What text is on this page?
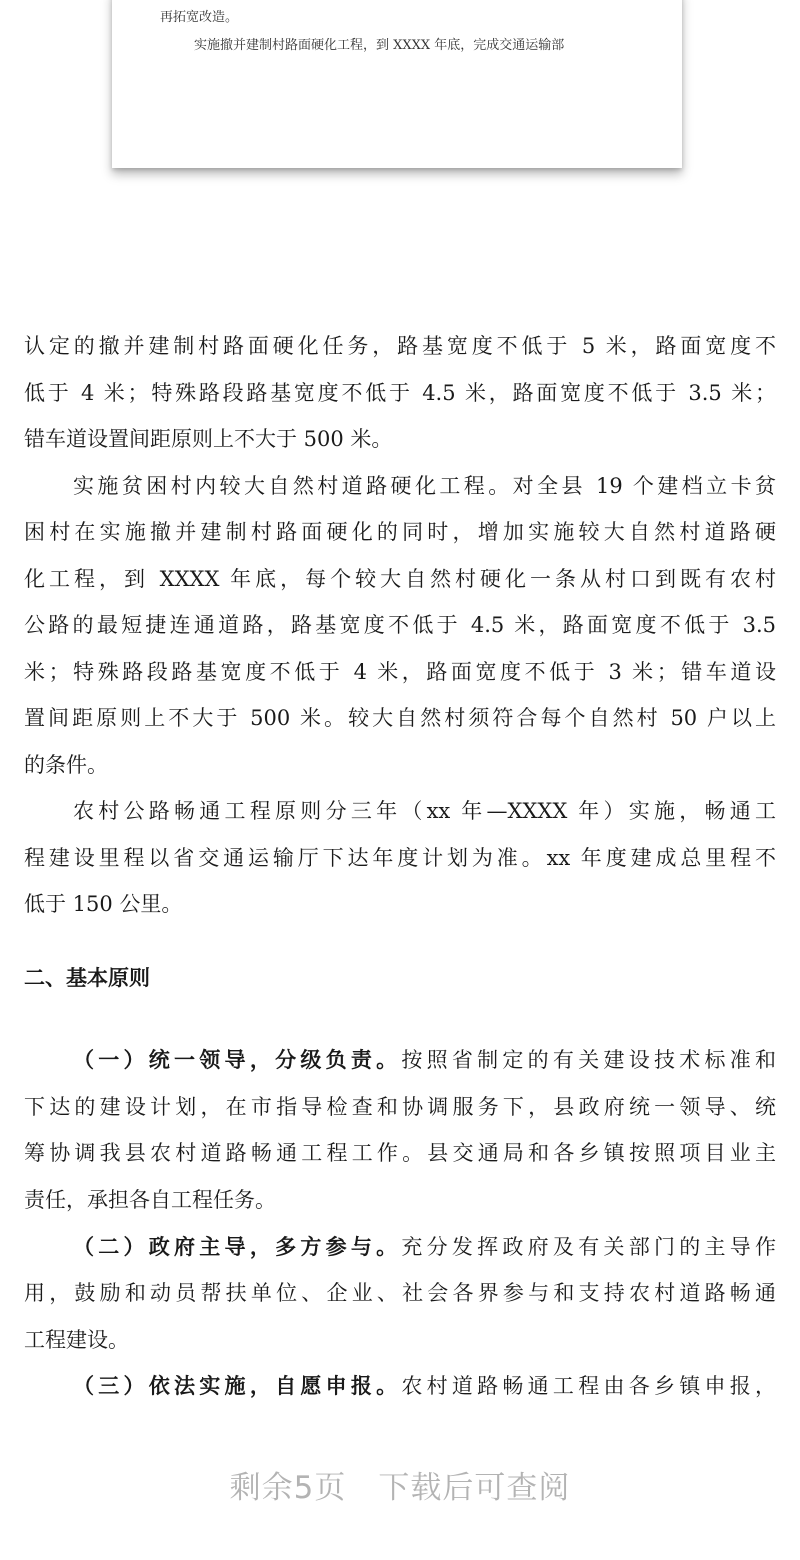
再拓宽改造。
实施撤并建制村路面硬化工程，到 XXXX 年底，完成交通运输部
认定的撤并建制村路面硬化任务，路基宽度不低于 5 米，路面宽度不
低于 4 米；特殊路段路基宽度不低于 4.5 米，路面宽度不低于 3.5 米；
错车道设置间距原则上不大于 500 米。
实施贫困村内较大自然村道路硬化工程。对全县 19 个建档立卡贫
困村在实施撤并建制村路面硬化的同时，增加实施较大自然村道路硬
化工程，到 XXXX 年底，每个较大自然村硬化一条从村口到既有农村
公路的最短捷连通道路，路基宽度不低于 4.5 米，路面宽度不低于 3.5
米；特殊路段路基宽度不低于 4 米，路面宽度不低于 3 米；错车道设
置间距原则上不大于 500 米。较大自然村须符合每个自然村 50 户以上
的条件。
农村公路畅通工程原则分三年（xx 年—XXXX 年）实施，畅通工
程建设里程以省交通运输厅下达年度计划为准。xx 年度建成总里程不
低于 150 公里。
二、基本原则
（一）统一领导，分级负责。按照省制定的有关建设技术标准和
下达的建设计划，在市指导检查和协调服务下，县政府统一领导、统
筹协调我县农村道路畅通工程工作。县交通局和各乡镇按照项目业主
责任，承担各自工程任务。
（二）政府主导，多方参与。充分发挥政府及有关部门的主导作
用，鼓励和动员帮扶单位、企业、社会各界参与和支持农村道路畅通
工程建设。
（三）依法实施，自愿申报。农村道路畅通工程由各乡镇申报，
剩余5页　下载后可查阅
